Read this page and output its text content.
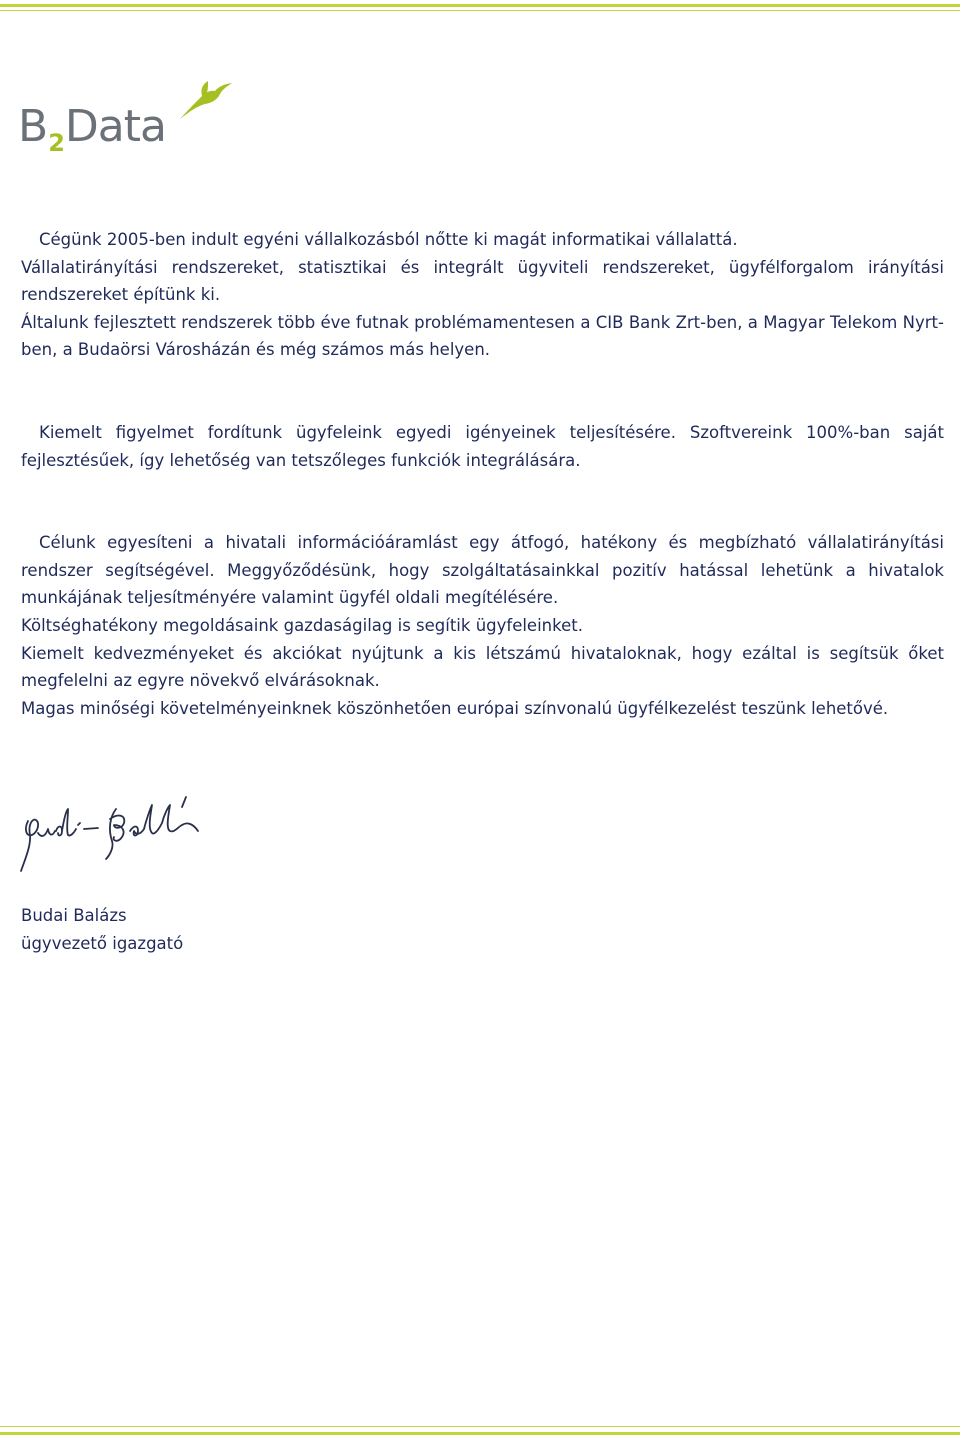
$B_2Data$

Cégünk 2005-ben indult egyéni vállalkozásból nőtte ki magát informatikai vállalattá.

Vállalatirányítási rendszereket, statisztikai és integrált ügyviteli rendszereket, ügyfélforgalom irányítási rendszereket építünk ki.

Általunk fejlesztett rendszerek több éve futnak problémamentesen a CIB Bank Zrt-ben, a Magyar Telekom Nyrt-ben, a Budaörsi Városházán és még számos más helyen.

Kiemelt figyelmet fordítunk ügyfeleink egyedi igényeinek teljesítésére. Szoftvereink 100%-ban saját fejlesztésűek, így lehetőség van tetszőleges funkciók integrálására.

Célunk egyesíteni a hivatali információáramlást egy átfogó, hatékony és megbízható vállalatirányítási rendszer segítségével. Meggyőződésünk, hogy szolgáltatásainkkal pozitív hatással lehetünk a hivatalok munkájának teljesítményére valamint ügyfél oldali megítélésére.

Költséghatékony megoldásaink gazdaságilag is segítik ügyfeleinket.

Kiemelt kedvezményeket és akciókat nyújtunk a kis létszámú hivataloknak, hogy ezáltal is segítsük őket megfelelni az egyre növekvő elvárásoknak.

Magas minőségi követelményeinknek köszönhetően európai színvonalú ügyfélkezelést teszünk lehetővé.

Budai Balázs
ügyvezető igazgató
